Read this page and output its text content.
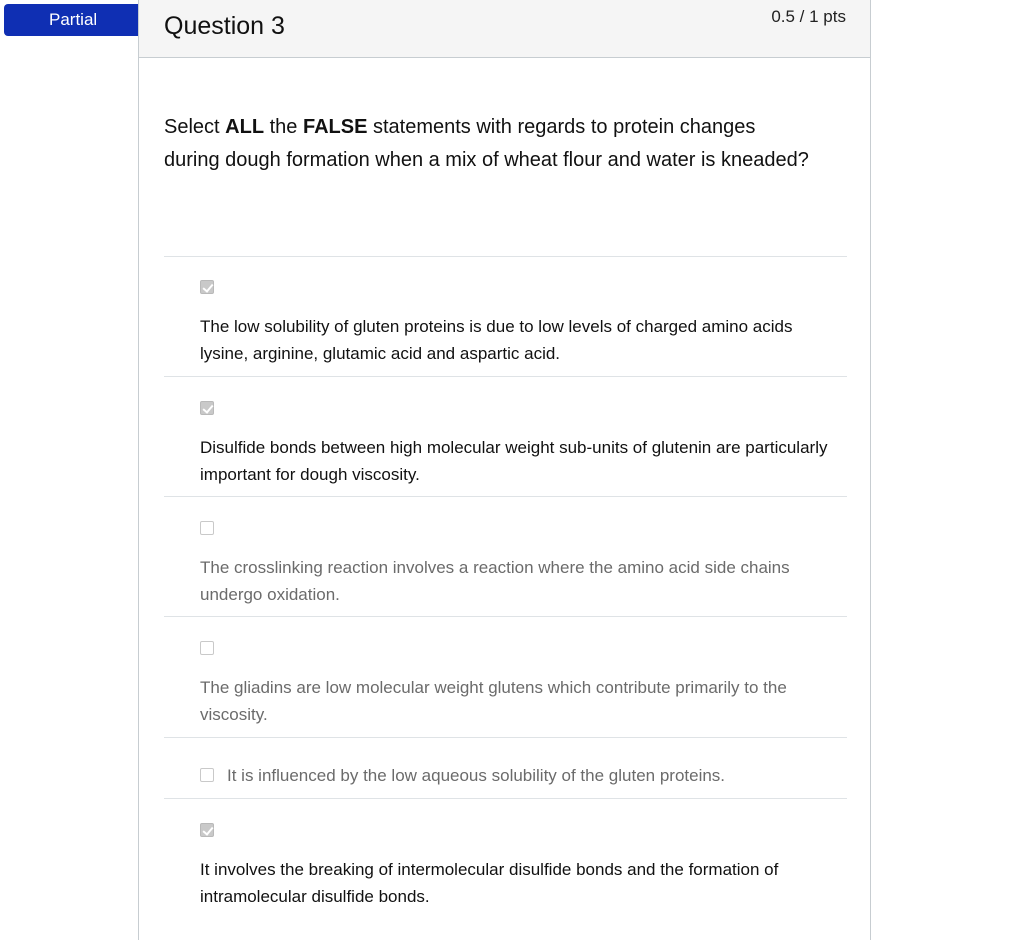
Partial	Question 3	0.5 / 1 pts
Select ALL the FALSE statements with regards to protein changes during dough formation when a mix of wheat flour and water is kneaded?
The low solubility of gluten proteins is due to low levels of charged amino acids lysine, arginine, glutamic acid and aspartic acid.
Disulfide bonds between high molecular weight sub-units of glutenin are particularly important for dough viscosity.
The crosslinking reaction involves a reaction where the amino acid side chains undergo oxidation.
The gliadins are low molecular weight glutens which contribute primarily to the viscosity.
It is influenced by the low aqueous solubility of the gluten proteins.
It involves the breaking of intermolecular disulfide bonds and the formation of intramolecular disulfide bonds.
